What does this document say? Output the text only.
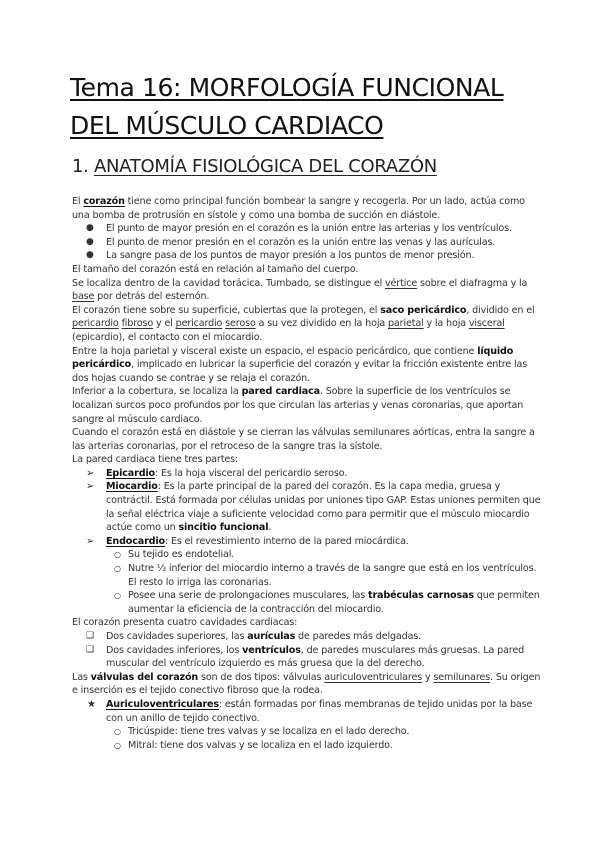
Tema 16: MORFOLOGÍA FUNCIONAL
DEL MÚSCULO CARDIACO
1. ANATOMÍA FISIOLÓGICA DEL CORAZÓN

El corazón tiene como principal función bombear la sangre y recogerla. Por un lado, actúa como una bomba de protrusión en sístole y como una bomba de succión en diástole.

● El punto de mayor presión en el corazón es la unión entre las arterias y los ventrículos.
● El punto de menor presión en el corazón es la unión entre las venas y las aurículas.
● La sangre pasa de los puntos de mayor presión a los puntos de menor presión.

El tamaño del corazón está en relación al tamaño del cuerpo.

Se localiza dentro de la cavidad torácica. Tumbado, se distingue el vértice sobre el diafragma y la base por detrás del esternón.

El corazón tiene sobre su superficie, cubiertas que la protegen, el saco pericárdico, dividido en el pericardio fibroso y el pericardio seroso a su vez dividido en la hoja parietal y la hoja visceral (epicardio), el contacto con el miocardio.

Entre la hoja parietal y visceral existe un espacio, el espacio pericárdico, que contiene líquido pericárdico, implicado en lubricar la superficie del corazón y evitar la fricción existente entre las dos hojas cuando se contrae y se relaja el corazón.

Inferior a la cobertura, se localiza la pared cardiaca. Sobre la superficie de los ventrículos se localizan surcos poco profundos por los que circulan las arterias y venas coronarias, que aportan sangre al músculo cardiaco.

Cuando el corazón está en diástole y se cierran las válvulas semilunares aórticas, entra la sangre a las arterias coronarias, por el retroceso de la sangre tras la sístole.

La pared cardiaca tiene tres partes:

➢ Epicardio: Es la hoja visceral del pericardio seroso.
➢ Miocardio: Es la parte principal de la pared del corazón. Es la capa media, gruesa y contráctil. Está formada por células unidas por uniones tipo GAP. Estas uniones permiten que la señal eléctrica viaje a suficiente velocidad como para permitir que el músculo miocardio actúe como un sincitio funcional.
➢ Endocardio: Es el revestimiento interno de la pared miocárdica.
○ Su tejido es endotelial.
○ Nutre ⅓ inferior del miocardio interno a través de la sangre que está en los ventrículos. El resto lo irriga las coronarias.
○ Posee una serie de prolongaciones musculares, las trabéculas carnosas que permiten aumentar la eficiencia de la contracción del miocardio.

El corazón presenta cuatro cavidades cardiacas:

❑ Dos cavidades superiores, las aurículas de paredes más delgadas.
❑ Dos cavidades inferiores, los ventrículos, de paredes musculares más gruesas. La pared muscular del ventrículo izquierdo es más gruesa que la del derecho.

Las válvulas del corazón son de dos tipos: válvulas auriculoventriculares y semilunares. Su origen e inserción es el tejido conectivo fibroso que la rodea.

★ Auriculoventriculares: están formadas por finas membranas de tejido unidas por la base con un anillo de tejido conectivo.
○ Tricúspide: tiene tres valvas y se localiza en el lado derecho.
○ Mitral: tiene dos valvas y se localiza en el lado izquierdo.
